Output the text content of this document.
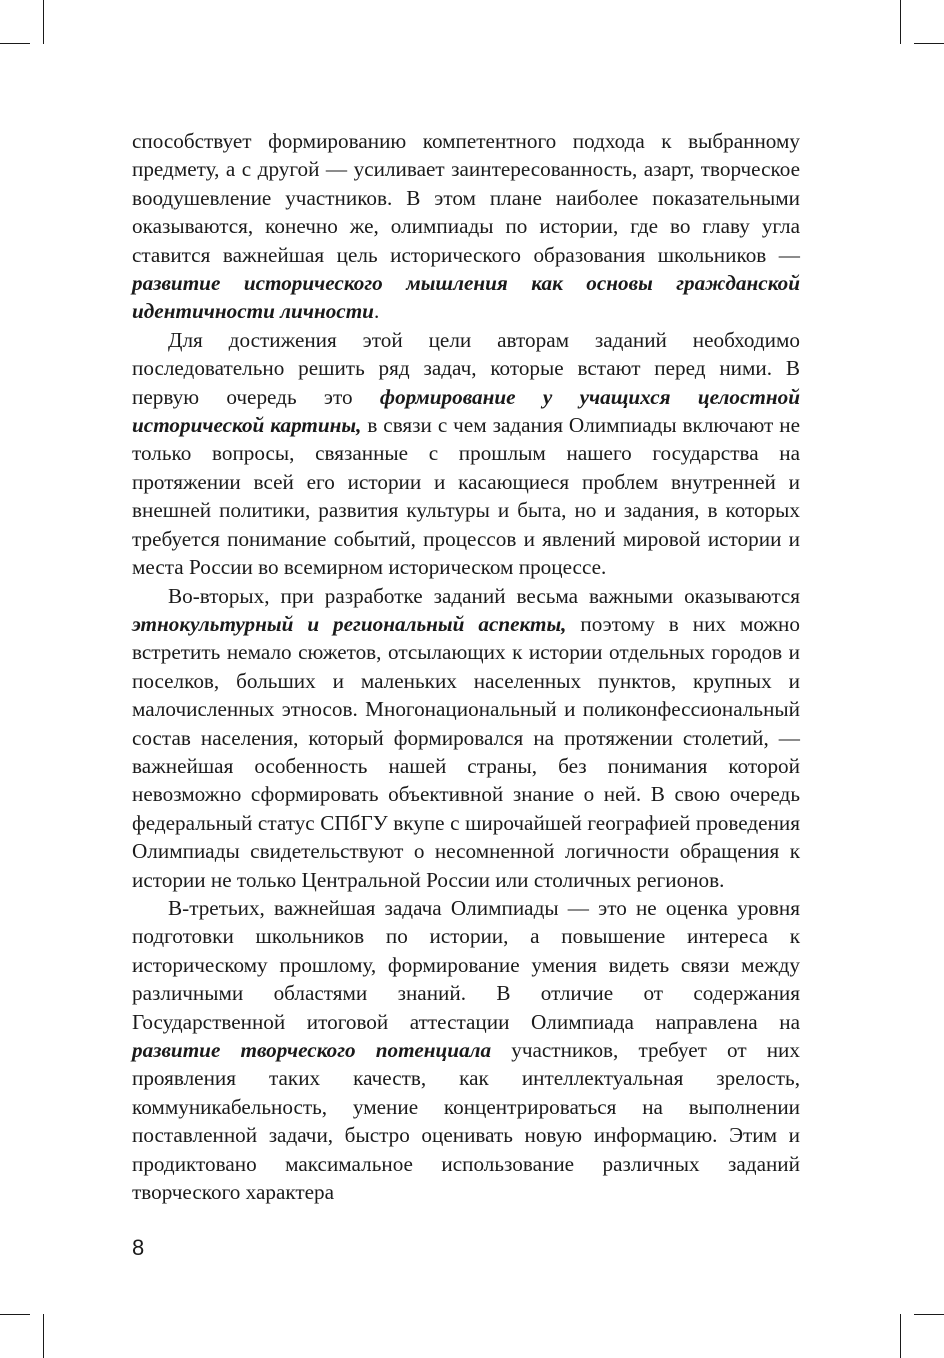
способствует формированию компетентного подхода к выбранному предмету, а с другой — усиливает заинтересованность, азарт, творческое воодушевление участников. В этом плане наиболее показательными оказываются, конечно же, олимпиады по истории, где во главу угла ставится важнейшая цель исторического образования школьников — развитие исторического мышления как основы гражданской идентичности личности.

Для достижения этой цели авторам заданий необходимо последовательно решить ряд задач, которые встают перед ними. В первую очередь это формирование у учащихся целостной исторической картины, в связи с чем задания Олимпиады включают не только вопросы, связанные с прошлым нашего государства на протяжении всей его истории и касающиеся проблем внутренней и внешней политики, развития культуры и быта, но и задания, в которых требуется понимание событий, процессов и явлений мировой истории и места России во всемирном историческом процессе.

Во-вторых, при разработке заданий весьма важными оказываются этнокультурный и региональный аспекты, поэтому в них можно встретить немало сюжетов, отсылающих к истории отдельных городов и поселков, больших и маленьких населенных пунктов, крупных и малочисленных этносов. Многонациональный и поликонфессиональный состав населения, который формировался на протяжении столетий, — важнейшая особенность нашей страны, без понимания которой невозможно сформировать объективной знание о ней. В свою очередь федеральный статус СПбГУ вкупе с широчайшей географией проведения Олимпиады свидетельствуют о несомненной логичности обращения к истории не только Центральной России или столичных регионов.

В-третьих, важнейшая задача Олимпиады — это не оценка уровня подготовки школьников по истории, а повышение интереса к историческому прошлому, формирование умения видеть связи между различными областями знаний. В отличие от содержания Государственной итоговой аттестации Олимпиада направлена на развитие творческого потенциала участников, требует от них проявления таких качеств, как интеллектуальная зрелость, коммуникабельность, умение концентрироваться на выполнении поставленной задачи, быстро оценивать новую информацию. Этим и продиктовано максимальное использование различных заданий творческого характера

8
